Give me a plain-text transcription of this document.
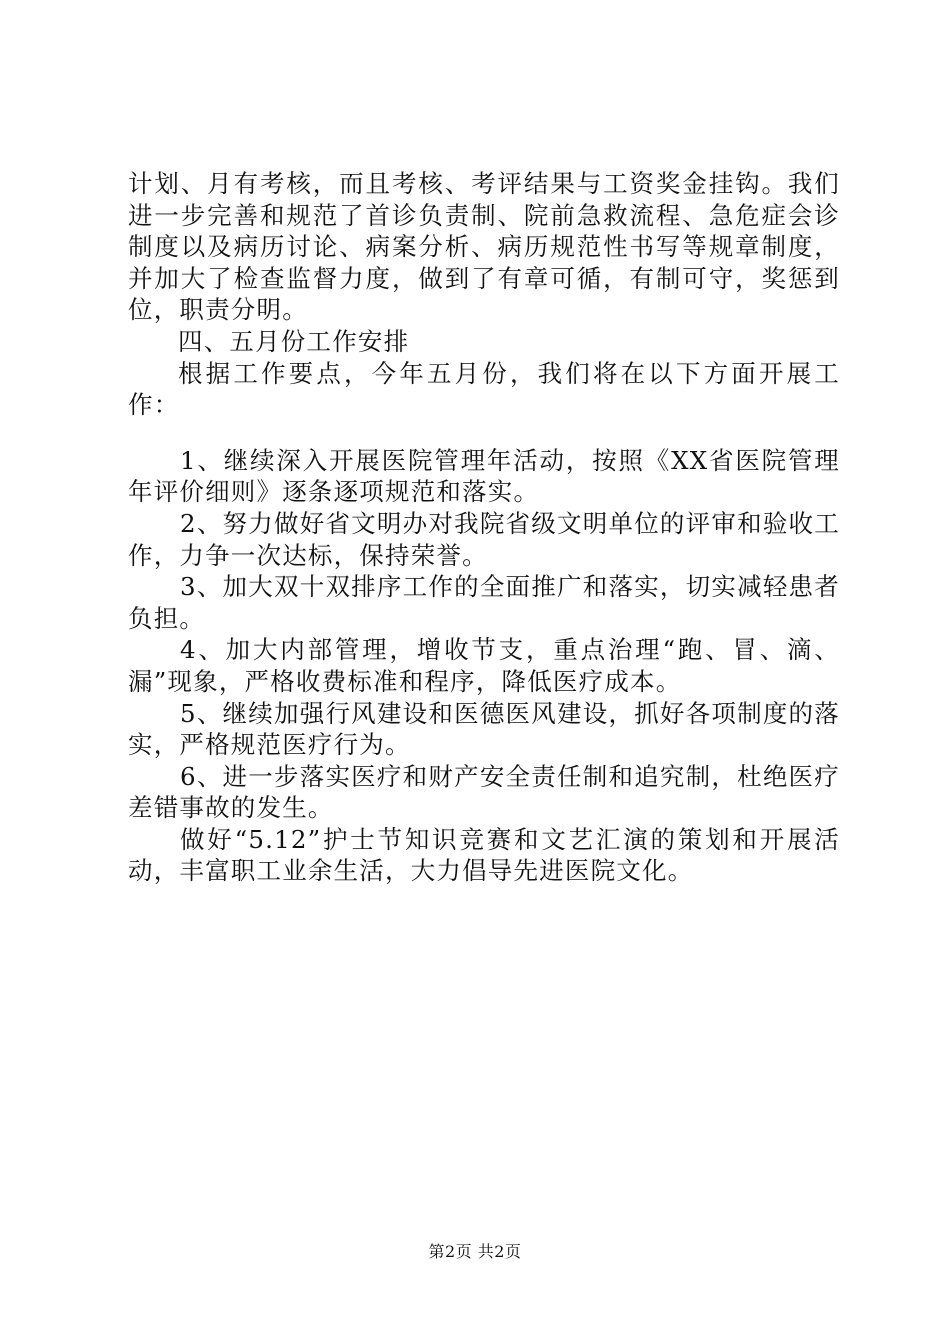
计划、月有考核，而且考核、考评结果与工资奖金挂钩。我们进一步完善和规范了首诊负责制、院前急救流程、急危症会诊制度以及病历讨论、病案分析、病历规范性书写等规章制度，并加大了检查监督力度，做到了有章可循，有制可守，奖惩到位，职责分明。

四、五月份工作安排

根据工作要点，今年五月份，我们将在以下方面开展工作：

1、继续深入开展医院管理年活动，按照《XX省医院管理年评价细则》逐条逐项规范和落实。

2、努力做好省文明办对我院省级文明单位的评审和验收工作，力争一次达标，保持荣誉。

3、加大双十双排序工作的全面推广和落实，切实减轻患者负担。

4、加大内部管理，增收节支，重点治理“跑、冒、滴、漏”现象，严格收费标准和程序，降低医疗成本。

5、继续加强行风建设和医德医风建设，抓好各项制度的落实，严格规范医疗行为。

6、进一步落实医疗和财产安全责任制和追究制，杜绝医疗差错事故的发生。

做好“5.12”护士节知识竞赛和文艺汇演的策划和开展活动，丰富职工业余生活，大力倡导先进医院文化。

第2页 共2页
